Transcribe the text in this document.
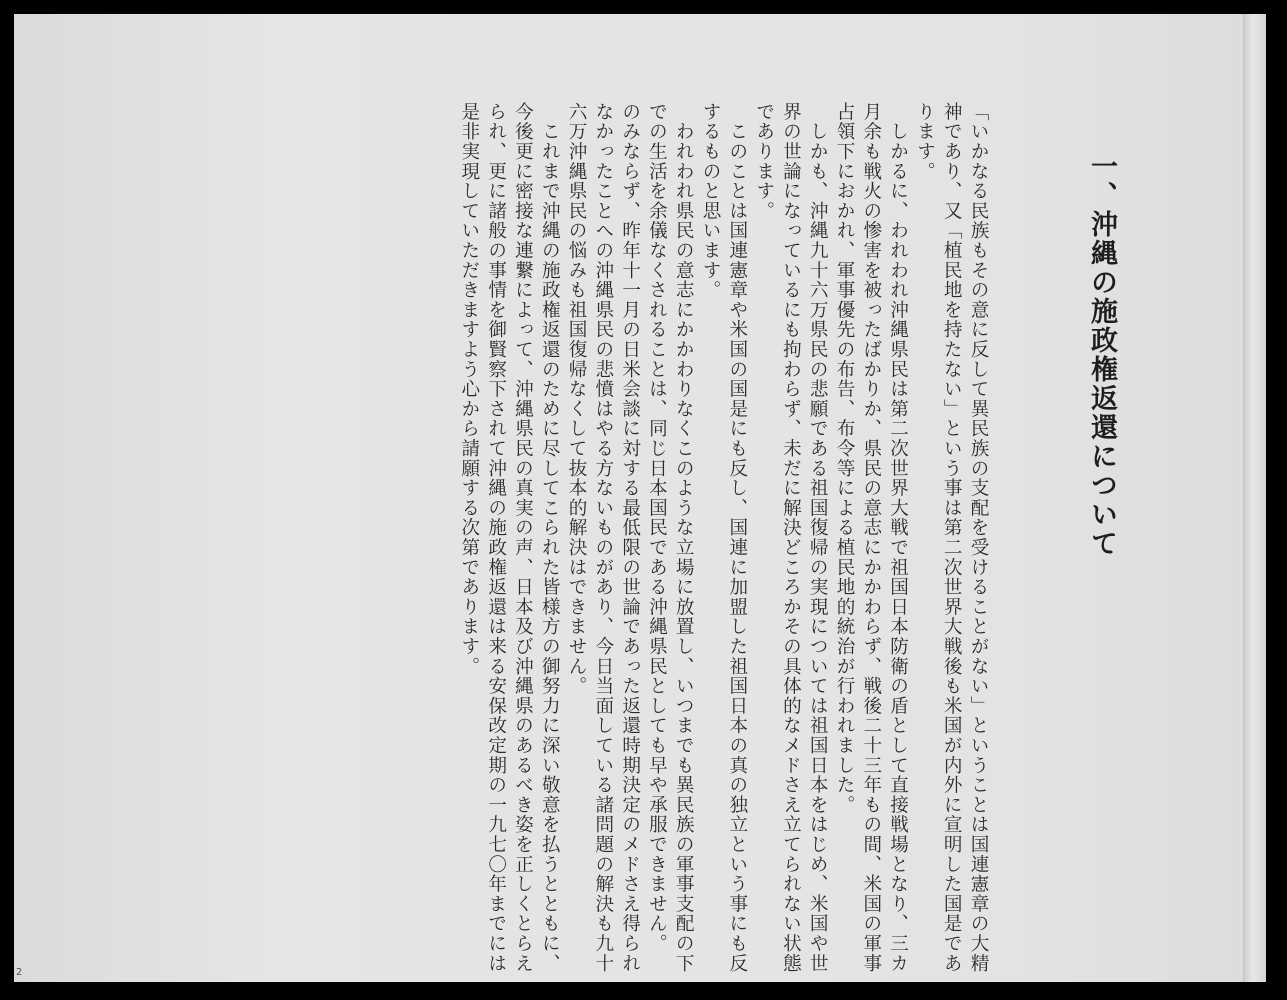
一、沖縄の施政権返還について
「いかなる民族もその意に反して異民族の支配を受けることがない」ということは国連憲章の大精
神であり、又「植民地を持たない」という事は第二次世界大戦後も米国が内外に宣明した国是であ
ります。
　しかるに、われわれ沖縄県民は第二次世界大戦で祖国日本防衛の盾として直接戦場となり、三カ
月余も戦火の惨害を被ったばかりか、県民の意志にかかわらず、戦後二十三年もの間、米国の軍事
占領下におかれ、軍事優先の布告、布令等による植民地的統治が行われました。
　しかも、沖縄九十六万県民の悲願である祖国復帰の実現については祖国日本をはじめ、米国や世
界の世論になっているにも拘わらず、未だに解決どころかその具体的なメドさえ立てられない状態
であります。
　このことは国連憲章や米国の国是にも反し、国連に加盟した祖国日本の真の独立という事にも反
するものと思います。
　われわれ県民の意志にかかわりなくこのような立場に放置し、いつまでも異民族の軍事支配の下
での生活を余儀なくされることは、同じ日本国民である沖縄県民としても早や承服できません。
のみならず、昨年十一月の日米会談に対する最低限の世論であった返還時期決定のメドさえ得られ
なかったことへの沖縄県民の悲憤はやる方ないものがあり、今日当面している諸問題の解決も九十
六万沖縄県民の悩みも祖国復帰なくして抜本的解決はできません。
　これまで沖縄の施政権返還のために尽してこられた皆様方の御努力に深い敬意を払うとともに、
今後更に密接な連繋によって、沖縄県民の真実の声、日本及び沖縄県のあるべき姿を正しくとらえ
られ、更に諸般の事情を御賢察下されて沖縄の施政権返還は来る安保改定期の一九七〇年までには
是非実現していただきますよう心から請願する次第であります。
2
